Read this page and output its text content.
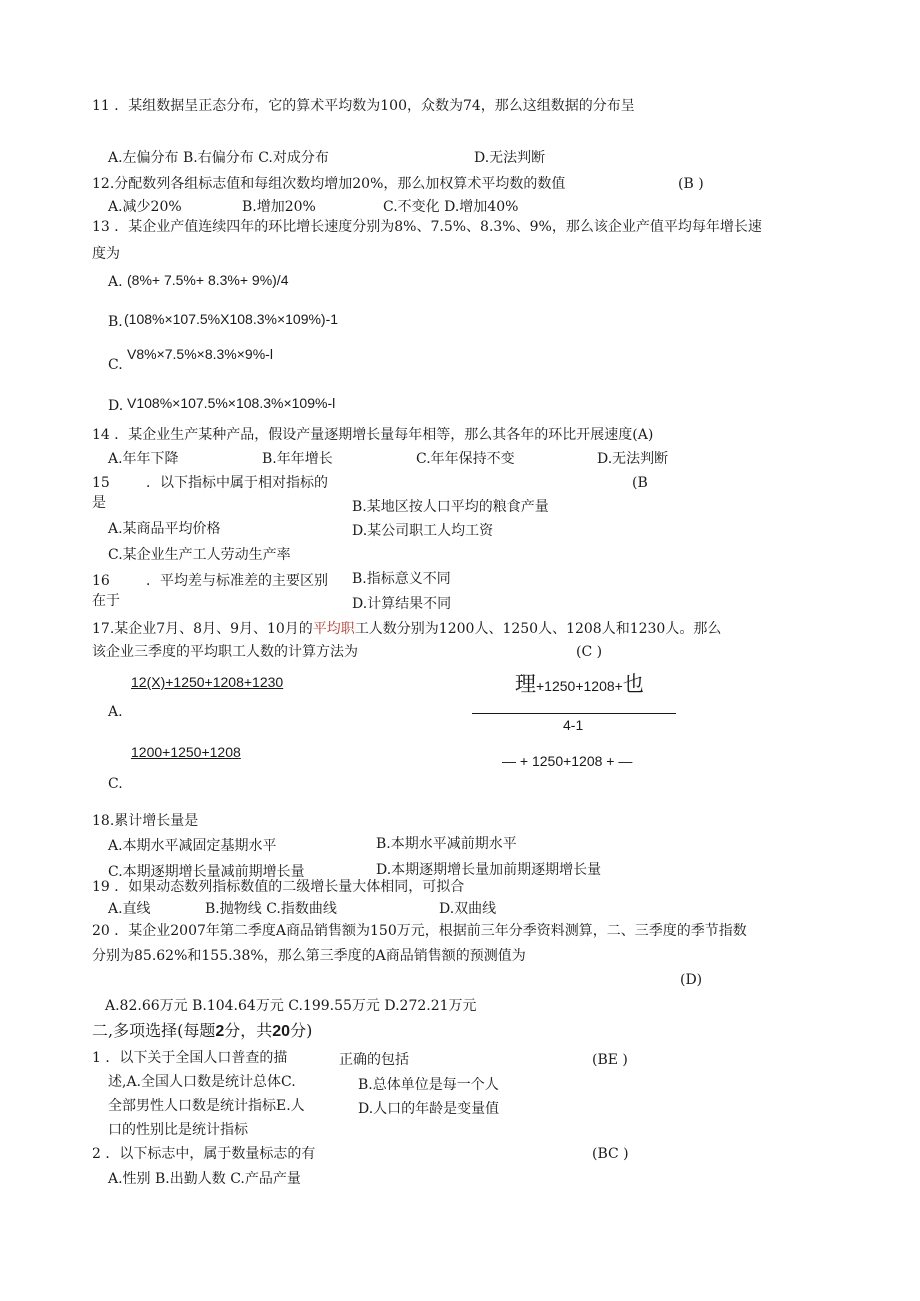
11 ．某组数据呈正态分布，它的算术平均数为100，众数为74，那么这组数据的分布呈
A.左偏分布 B.右偏分布 C.对成分布	D.无法判断
12.分配数列各组标志值和每组次数均增加20%，那么加权算术平均数的数值	(B )
A.减少20%	B.增加20%	C.不变化 D.增加40%
13 ．某企业产值连续四年的环比增长速度分别为8%、7.5%、8.3%、9%，那么该企业产值平均每年增长速
度为
A. (8%+ 7.5%+ 8.3%+ 9%)/4
B. (108%×107.5%X108.3%×109%)-1
V8%×7.5%×8.3%×9%-l
C.
D. V108%×107.5%×108.3%×109%-l
14 ．某企业生产某种产品，假设产量逐期增长量每年相等，那么其各年的环比开展速度(A)
A.年年下降	B.年年增长	C.年年保持不变	D.无法判断
15	．以下指标中属于相对指标的	(B
是	B.某地区按人口平均的粮食产量
A.某商品平均价格	D.某公司职工人均工资
C.某企业生产工人劳动生产率
16	．平均差与标准差的主要区别 B.指标意义不同
在于	D.计算结果不同
17.某企业7月、8月、9月、10月的平均职工人数分别为1200人、1250人、1208人和1230人。那么
该企业三季度的平均职工人数的计算方法为	(C )
12(X)+1250+1208+1230	理+1250+1208+也
A.
4-1
1200+1250+1208
— + 1250+1208 + —
C.
18.累计增长量是
B.本期水平减前期水平
A.本期水平减固定基期水平
D.本期逐期增长量加前期逐期增长量
C.本期逐期增长量减前期增长量
19 ．如果动态数列指标数值的二级增长量大体相同，可拟合
A.直线	B.抛物线 C.指数曲线	D.双曲线
20 ．某企业2007年第二季度A商品销售额为150万元，根据前三年分季资料测算，二、三季度的季节指数
分别为85.62%和155.38%，那么第三季度的A商品销售额的预测值为
(D)
A.82.66万元 B.104.64万元 C.199.55万元 D.272.21万元
二,多项选择(每题2分，共20分)
1 ．以下关于全国人口普查的描	正确的包括	(BE )
述,A.全国人口数是统计总体C.	B.总体单位是每一个人
全部男性人口数是统计指标E.人	D.人口的年龄是变量值
口的性别比是统计指标
2 ．以下标志中，属于数量标志的有	(BC )
A.性别 B.出勤人数 C.产品产量
